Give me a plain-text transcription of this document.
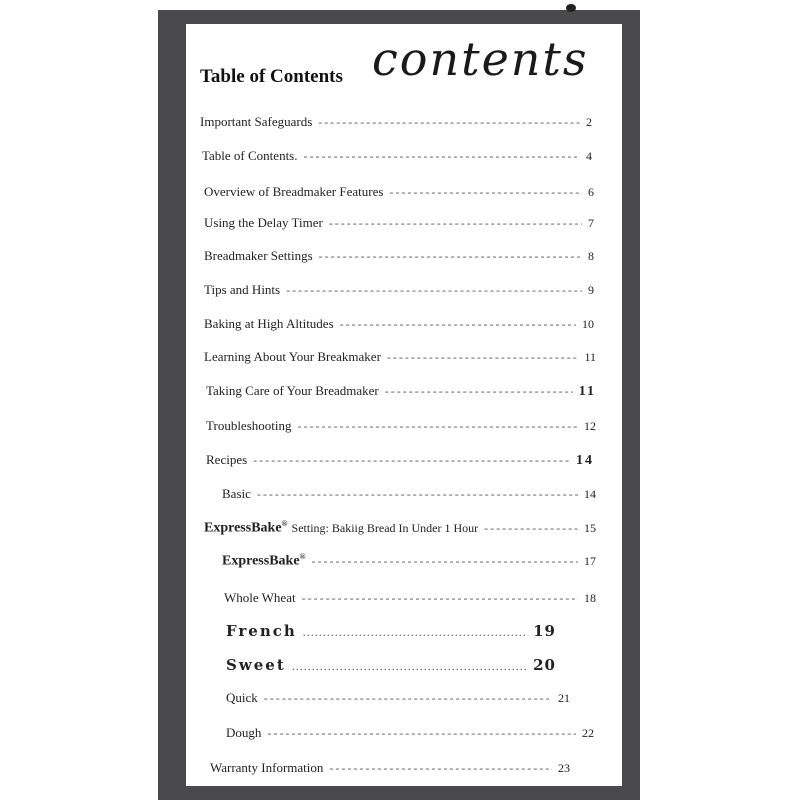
contents
Table of Contents
Important Safeguards -----	2
Table of Contents. -----	4
Overview of Breadmaker Features -----	6
Using the Delay Timer -----	7
Breadmaker Settings -----	8
Tips and Hints -----	9
Baking at High Altitudes -----	10
Learning About Your Breakmaker -----	11
Taking Care of Your Breadmaker -----	11
Troubleshooting -----	12
Recipes -----	14
Basic -----	14
ExpressBake® Setting: Bakiig Bread In Under 1 Hour -----	15
ExpressBake® -----	17
Whole Wheat -----	18
French .....	19
Sweet .....	20
Quick -----	21
Dough -----	22
Warranty Information -----	23
